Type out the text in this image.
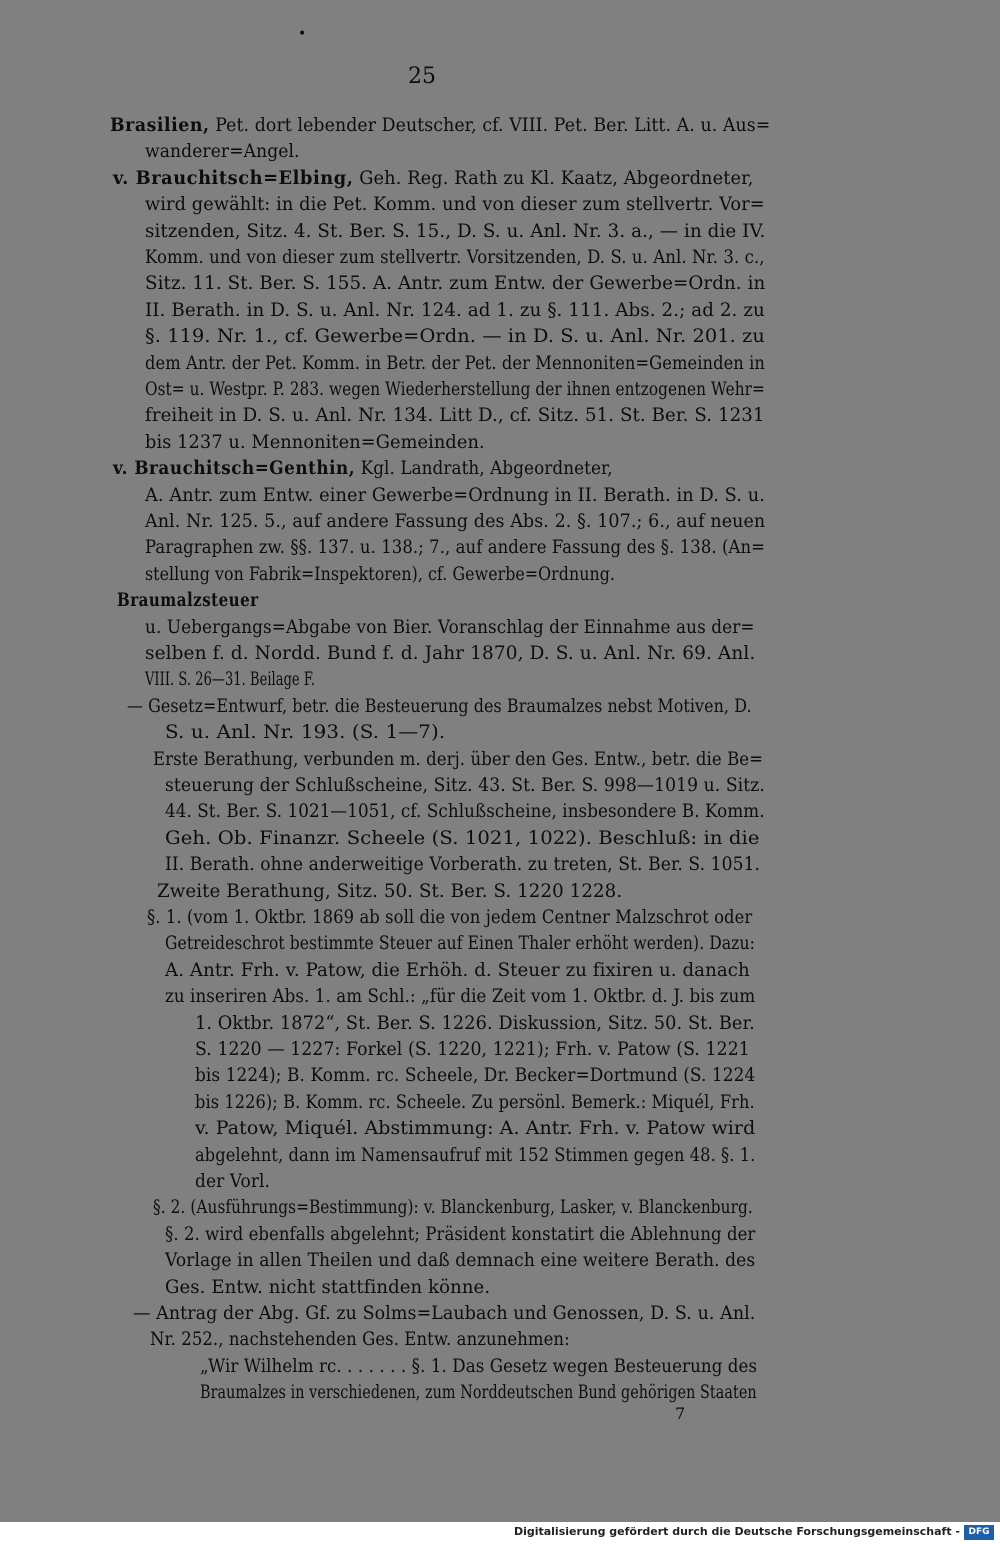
25
•
Brasilien, Pet. dort lebender Deutscher, cf. VIII. Pet. Ber. Litt. A. u. Aus=
wanderer=Angel.
v. Brauchitsch=Elbing, Geh. Reg. Rath zu Kl. Kaatz, Abgeordneter,
wird gewählt: in die Pet. Komm. und von dieser zum stellvertr. Vor=
sitzenden, Sitz. 4. St. Ber. S. 15., D. S. u. Anl. Nr. 3. a., — in die IV.
Komm. und von dieser zum stellvertr. Vorsitzenden, D. S. u. Anl. Nr. 3. c.,
Sitz. 11. St. Ber. S. 155. A. Antr. zum Entw. der Gewerbe=Ordn. in
II. Berath. in D. S. u. Anl. Nr. 124. ad 1. zu §. 111. Abs. 2.; ad 2. zu
§. 119. Nr. 1., cf. Gewerbe=Ordn. — in D. S. u. Anl. Nr. 201. zu
dem Antr. der Pet. Komm. in Betr. der Pet. der Mennoniten=Gemeinden in
Ost= u. Westpr. P. 283. wegen Wiederherstellung der ihnen entzogenen Wehr=
freiheit in D. S. u. Anl. Nr. 134. Litt D., cf. Sitz. 51. St. Ber. S. 1231
bis 1237 u. Mennoniten=Gemeinden.
v. Brauchitsch=Genthin, Kgl. Landrath, Abgeordneter,
A. Antr. zum Entw. einer Gewerbe=Ordnung in II. Berath. in D. S. u.
Anl. Nr. 125. 5., auf andere Fassung des Abs. 2. §. 107.; 6., auf neuen
Paragraphen zw. §§. 137. u. 138.; 7., auf andere Fassung des §. 138. (An=
stellung von Fabrik=Inspektoren), cf. Gewerbe=Ordnung.
Braumalzsteuer
u. Uebergangs=Abgabe von Bier. Voranschlag der Einnahme aus der=
selben f. d. Nordd. Bund f. d. Jahr 1870, D. S. u. Anl. Nr. 69. Anl.
VIII. S. 26—31. Beilage F.
— Gesetz=Entwurf, betr. die Besteuerung des Braumalzes nebst Motiven, D.
S. u. Anl. Nr. 193. (S. 1—7).
Erste Berathung, verbunden m. derj. über den Ges. Entw., betr. die Be=
steuerung der Schlußscheine, Sitz. 43. St. Ber. S. 998—1019 u. Sitz.
44. St. Ber. S. 1021—1051, cf. Schlußscheine, insbesondere B. Komm.
Geh. Ob. Finanzr. Scheele (S. 1021, 1022). Beschluß: in die
II. Berath. ohne anderweitige Vorberath. zu treten, St. Ber. S. 1051.
Zweite Berathung, Sitz. 50. St. Ber. S. 1220 1228.
§. 1. (vom 1. Oktbr. 1869 ab soll die von jedem Centner Malzschrot oder
Getreideschrot bestimmte Steuer auf Einen Thaler erhöht werden). Dazu:
A. Antr. Frh. v. Patow, die Erhöh. d. Steuer zu fixiren u. danach
zu inseriren Abs. 1. am Schl.: „für die Zeit vom 1. Oktbr. d. J. bis zum
1. Oktbr. 1872“, St. Ber. S. 1226. Diskussion, Sitz. 50. St. Ber.
S. 1220 — 1227: Forkel (S. 1220, 1221); Frh. v. Patow (S. 1221
bis 1224); B. Komm. rc. Scheele, Dr. Becker=Dortmund (S. 1224
bis 1226); B. Komm. rc. Scheele. Zu persönl. Bemerk.: Miquél, Frh.
v. Patow, Miquél. Abstimmung: A. Antr. Frh. v. Patow wird
abgelehnt, dann im Namensaufruf mit 152 Stimmen gegen 48. §. 1.
der Vorl.
§. 2. (Ausführungs=Bestimmung): v. Blanckenburg, Lasker, v. Blanckenburg.
§. 2. wird ebenfalls abgelehnt; Präsident konstatirt die Ablehnung der
Vorlage in allen Theilen und daß demnach eine weitere Berath. des
Ges. Entw. nicht stattfinden könne.
— Antrag der Abg. Gf. zu Solms=Laubach und Genossen, D. S. u. Anl.
Nr. 252., nachstehenden Ges. Entw. anzunehmen:
„Wir Wilhelm rc. . . . . . . §. 1. Das Gesetz wegen Besteuerung des
Braumalzes in verschiedenen, zum Norddeutschen Bund gehörigen Staaten
7
Digitalisierung gefördert durch die Deutsche Forschungsgemeinschaft - DFG
